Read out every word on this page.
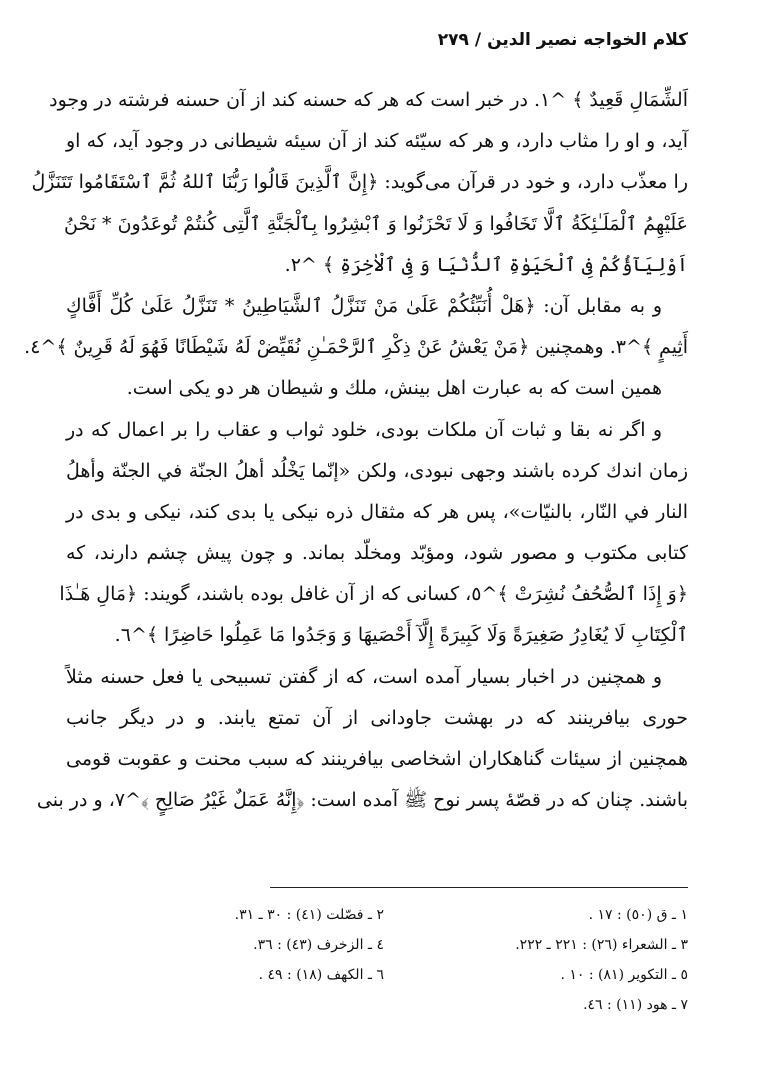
كلام الخواجه نصير الدين/٢٧٩
اَلشِّمَالِ قَعِيدٌ ﴾ ^١. در خبر است كه هر كه حسنه كند از آن حسنه فرشته در وجود
آيد، و او را مثاب دارد، و هر كه سيّئه كند از آن سيئه شيطانى در وجود آيد، كه او
را معذّب دارد، و خود در قرآن مى‌گويد: ﴿إِنَّ ٱلَّذِينَ قَالُوا رَبُّنَا ٱللهُ ثُمَّ ٱسْتَقَامُوا تَتَنَزَّلُ
عَلَيْهِمُ ٱلْمَلَـٰئِكَةُ ٱلَّا تَخَافُوا وَ لَا تَحْزَنُوا وَ ٱبْشِرُوا بِٱلْجَنَّةِ ٱلَّتِى كُنتُمْ تُوعَدُونَ * نَحْنُ
اَوْلِيَآؤُكُمْ فِى ٱلْحَيَوٰةِ ٱلدُّنْيَا وَ فِى ٱلْاٰخِرَةِ ﴾ ^٢.
و به مقابل آن: ﴿هَلْ أُنَبِّئُكُمْ عَلَىٰ مَنْ تَنَزَّلُ ٱلشَّيَاطِينُ * تَنَزَّلُ عَلَىٰ كُلِّ أَفَّاكٍ
أَثِيمٍ ﴾^٣. وهمچنين ﴿مَنْ يَعْشُ عَنْ ذِكْرِ ٱلرَّحْمَـٰنِ نُقَيِّضْ لَهُ شَيْطَانًا فَهُوَ لَهُ قَرِينٌ ﴾^٤.
همين است كه به عبارت اهل بينش، ملك و شيطان هر دو يكى است.
و اگر نه بقا و ثبات آن ملكات بودى، خلود ثواب و عقاب را بر اعمال كه در
زمان اندك كرده باشند وجهى نبودى، ولكن «إنّما يَخْلُد أهلُ الجنّة في الجنّة وأهلُ
النار في النّار، بالنيّات»، پس هر كه مثقال ذره نيكى يا بدى كند، نيكى و بدى در
كتابى مكتوب و مصور شود، ومؤبّد ومخلّد بماند. و چون پيش چشم دارند، كه
﴿وَ إِذَا ٱلصُّحُفُ نُشِرَتْ ﴾^٥، كسانى كه از آن غافل بوده باشند، گويند: ﴿مَالِ هَـٰذَا
ٱلْكِتَابِ لَا يُغَادِرُ صَغِيرَةً وَلَا كَبِيرَةً إِلَّآ أَحْصَيهَا وَ وَجَدُوا مَا عَمِلُوا حَاضِرًا ﴾^٦.
و همچنين در اخبار بسيار آمده است، كه از گفتن تسبيحى يا فعل حسنه مثلاً
حورى بيافرينند كه در بهشت جاودانى از آن تمتع يابند. و در ديگر جانب
همچنين از سيئات گناهكاران اشخاصى بيافرينند كه سبب محنت و عقوبت قومى
باشند. چنان كه در قصّهٔ پسر نوح ﷺ آمده است: ﴿إِنَّهُ عَمَلٌ غَيْرُ صَالِحٍ ﴾^٧، و در بنى
١ ـ ق (٥٠) : ١٧ .
٢ ـ فصّلت (٤١) : ٣٠ ـ ٣١.
٣ ـ الشعراء (٢٦) : ٢٢١ ـ ٢٢٢.
٤ ـ الزخرف (٤٣) : ٣٦.
٥ ـ التكوير (٨١) : ١٠ .
٦ ـ الكهف (١٨) : ٤٩ .
٧ ـ هود (١١) : ٤٦.
